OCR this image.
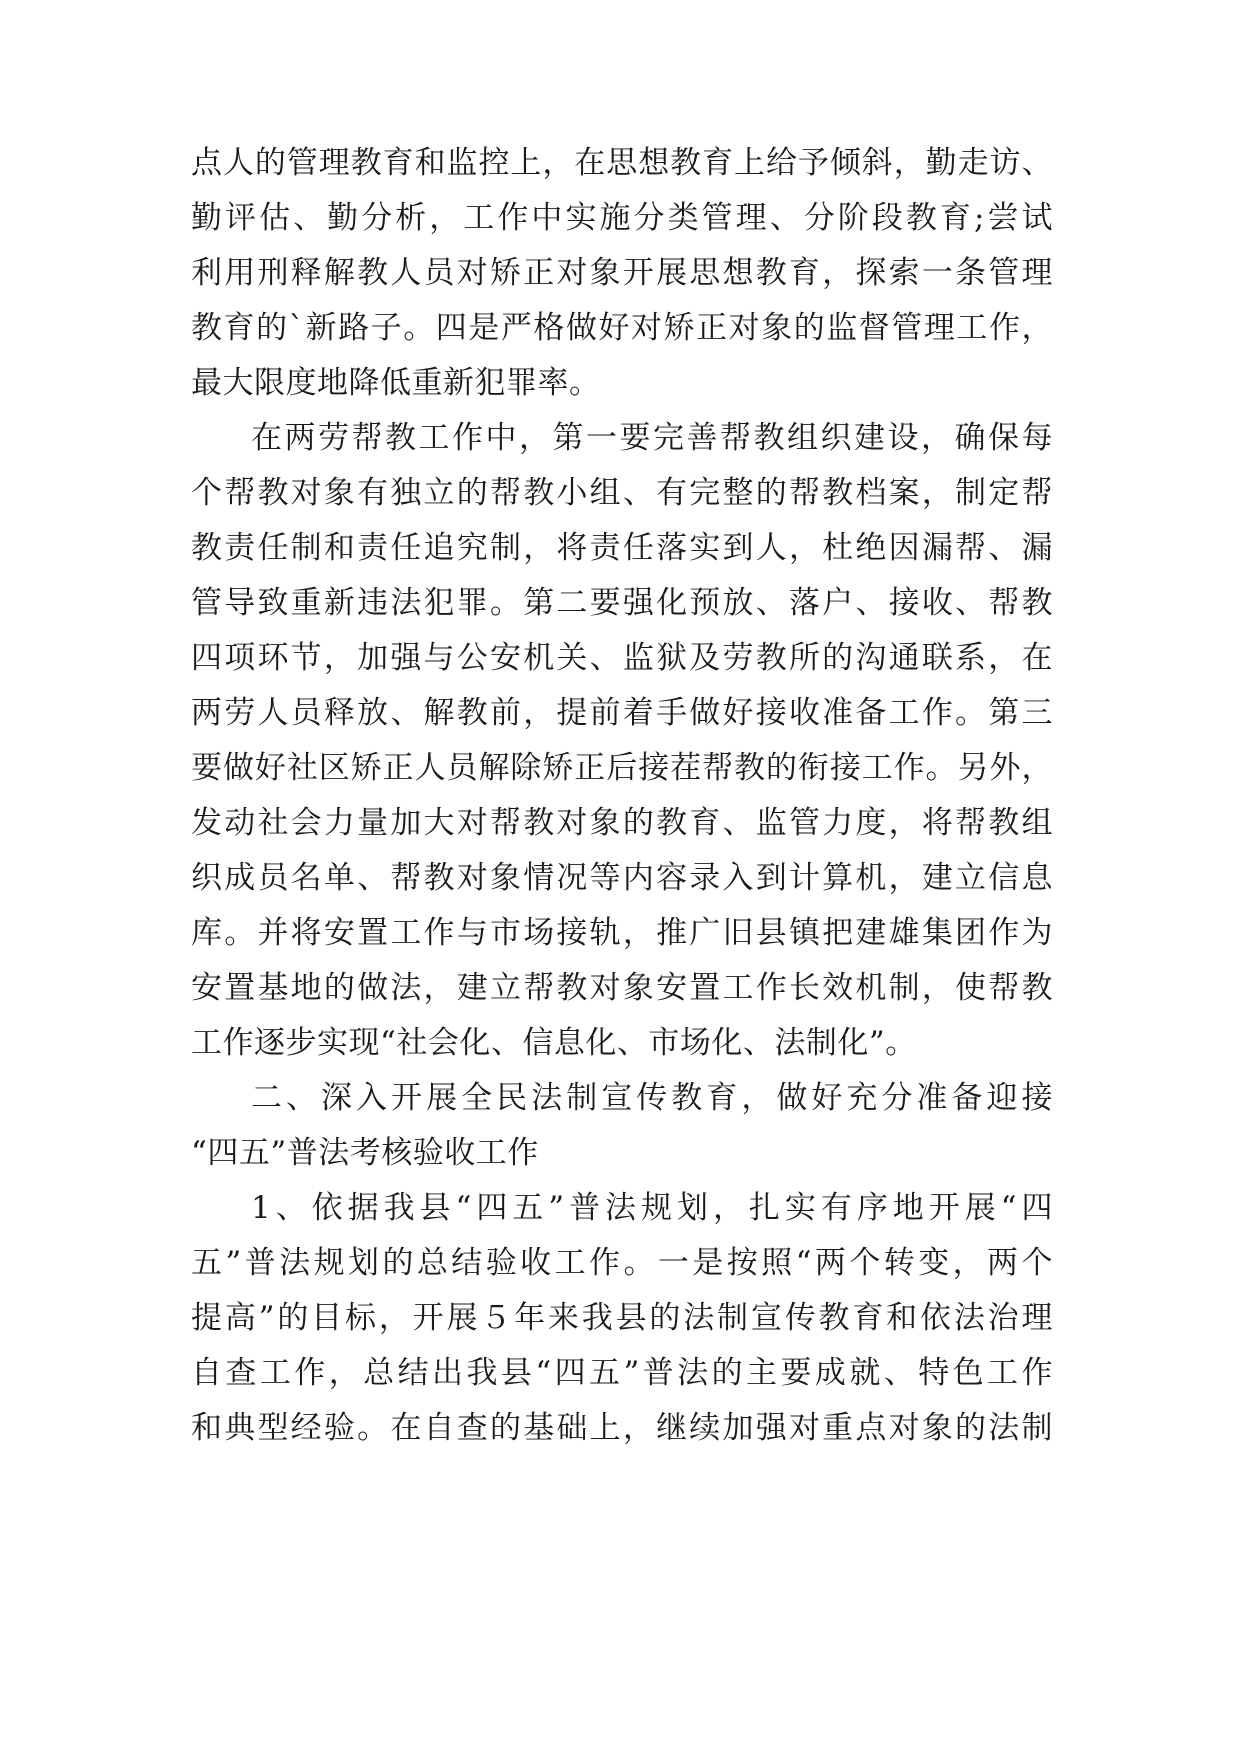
点人的管理教育和监控上，在思想教育上给予倾斜，勤走访、
勤评估、勤分析，工作中实施分类管理、分阶段教育;尝试
利用刑释解教人员对矫正对象开展思想教育，探索一条管理
教育的`新路子。四是严格做好对矫正对象的监督管理工作，
最大限度地降低重新犯罪率。
在两劳帮教工作中，第一要完善帮教组织建设，确保每
个帮教对象有独立的帮教小组、有完整的帮教档案，制定帮
教责任制和责任追究制，将责任落实到人，杜绝因漏帮、漏
管导致重新违法犯罪。第二要强化预放、落户、接收、帮教
四项环节，加强与公安机关、监狱及劳教所的沟通联系，在
两劳人员释放、解教前，提前着手做好接收准备工作。第三
要做好社区矫正人员解除矫正后接茬帮教的衔接工作。另外，
发动社会力量加大对帮教对象的教育、监管力度，将帮教组
织成员名单、帮教对象情况等内容录入到计算机，建立信息
库。并将安置工作与市场接轨，推广旧县镇把建雄集团作为
安置基地的做法，建立帮教对象安置工作长效机制，使帮教
工作逐步实现“社会化、信息化、市场化、法制化”。
二、深入开展全民法制宣传教育，做好充分准备迎接
“四五”普法考核验收工作
1、依据我县“四五”普法规划，扎实有序地开展“四
五”普法规划的总结验收工作。一是按照“两个转变，两个
提高”的目标，开展５年来我县的法制宣传教育和依法治理
自查工作，总结出我县“四五”普法的主要成就、特色工作
和典型经验。在自查的基础上，继续加强对重点对象的法制
